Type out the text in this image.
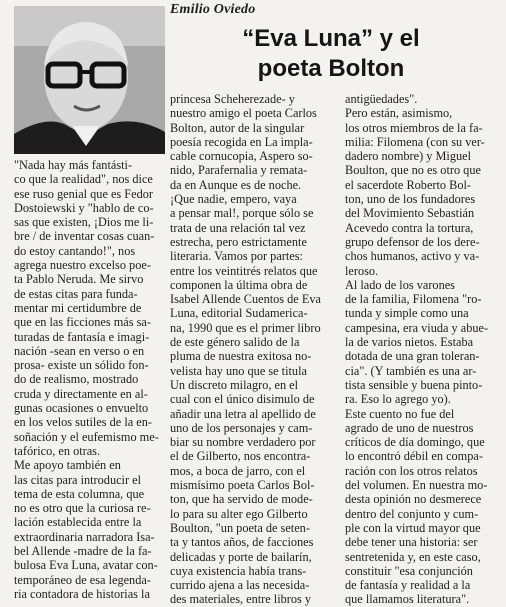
Emilio Oviedo
“Eva Luna” y el
poeta Bolton

"Nada hay más fantásti-

co que la realidad", nos dice

ese ruso genial que es Fedor

Dostoiewski y "hablo de co-

sas que existen, ¡Dios me li-

bre / de inventar cosas cuan-

do estoy cantando!", nos

agrega nuestro excelso poe-

ta Pablo Neruda. Me sirvo

de estas citas para funda-

mentar mi certidumbre de

que en las ficciones más sa-

turadas de fantasía e imagi-

nación -sean en verso o en

prosa- existe un sólido fon-

do de realismo, mostrado

cruda y directamente en al-

gunas ocasiones o envuelto

en los velos sutiles de la en-

soñación y el eufemismo me-

tafórico, en otras.

Me apoyo también en

las citas para introducir el

tema de esta columna, que

no es otro que la curiosa re-

lación establecida entre la

extraordinaria narradora Isa-

bel Allende -madre de la fa-

bulosa Eva Luna, avatar con-

temporáneo de esa legenda-

ria contadora de historias la

princesa Scheherezade- y

nuestro amigo el poeta Carlos

Bolton, autor de la singular

poesía recogida en La impla-

cable cornucopia, Aspero so-

nido, Parafernalia y remata-

da en Aunque es de noche.

¡Que nadie, empero, vaya

a pensar mal!, porque sólo se

trata de una relación tal vez

estrecha, pero estrictamente

literaria. Vamos por partes:

entre los veintitrés relatos que

componen la última obra de

Isabel Allende Cuentos de Eva

Luna, editorial Sudamerica-

na, 1990 que es el primer libro

de este género salido de la

pluma de nuestra exitosa no-

velista hay uno que se titula

Un discreto milagro, en el

cual con el único disimulo de

añadir una letra al apellido de

uno de los personajes y cam-

biar su nombre verdadero por

el de Gilberto, nos encontra-

mos, a boca de jarro, con el

mismísimo poeta Carlos Bol-

ton, que ha servido de mode-

lo para su alter ego Gilberto

Boulton, "un poeta de seten-

ta y tantos años, de facciones

delicadas y porte de bailarín,

cuya existencia había trans-

currido ajena a las necesida-

des materiales, entre libros y

antigüedades".

Pero están, asimismo,

los otros miembros de la fa-

milia: Filomena (con su ver-

dadero nombre) y Miguel

Boulton, que no es otro que

el sacerdote Roberto Bol-

ton, uno de los fundadores

del Movimiento Sebastián

Acevedo contra la tortura,

grupo defensor de los dere-

chos humanos, activo y va-

leroso.

Al lado de los varones

de la familia, Filomena "ro-

tunda y simple como una

campesina, era viuda y abue-

la de varios nietos. Estaba

dotada de una gran toleran-

cia". (Y también es una ar-

tista sensible y buena pinto-

ra. Eso lo agrego yo).

Este cuento no fue del

agrado de uno de nuestros

críticos de día domingo, que

lo encontró débil en compa-

ración con los otros relatos

del volumen. En nuestra mo-

desta opinión no desmerece

dentro del conjunto y cum-

ple con la virtud mayor que

debe tener una historia: ser

sentretenida y, en este caso,

constituir "esa conjunción

de fantasía y realidad a la

que llamamos literatura".
